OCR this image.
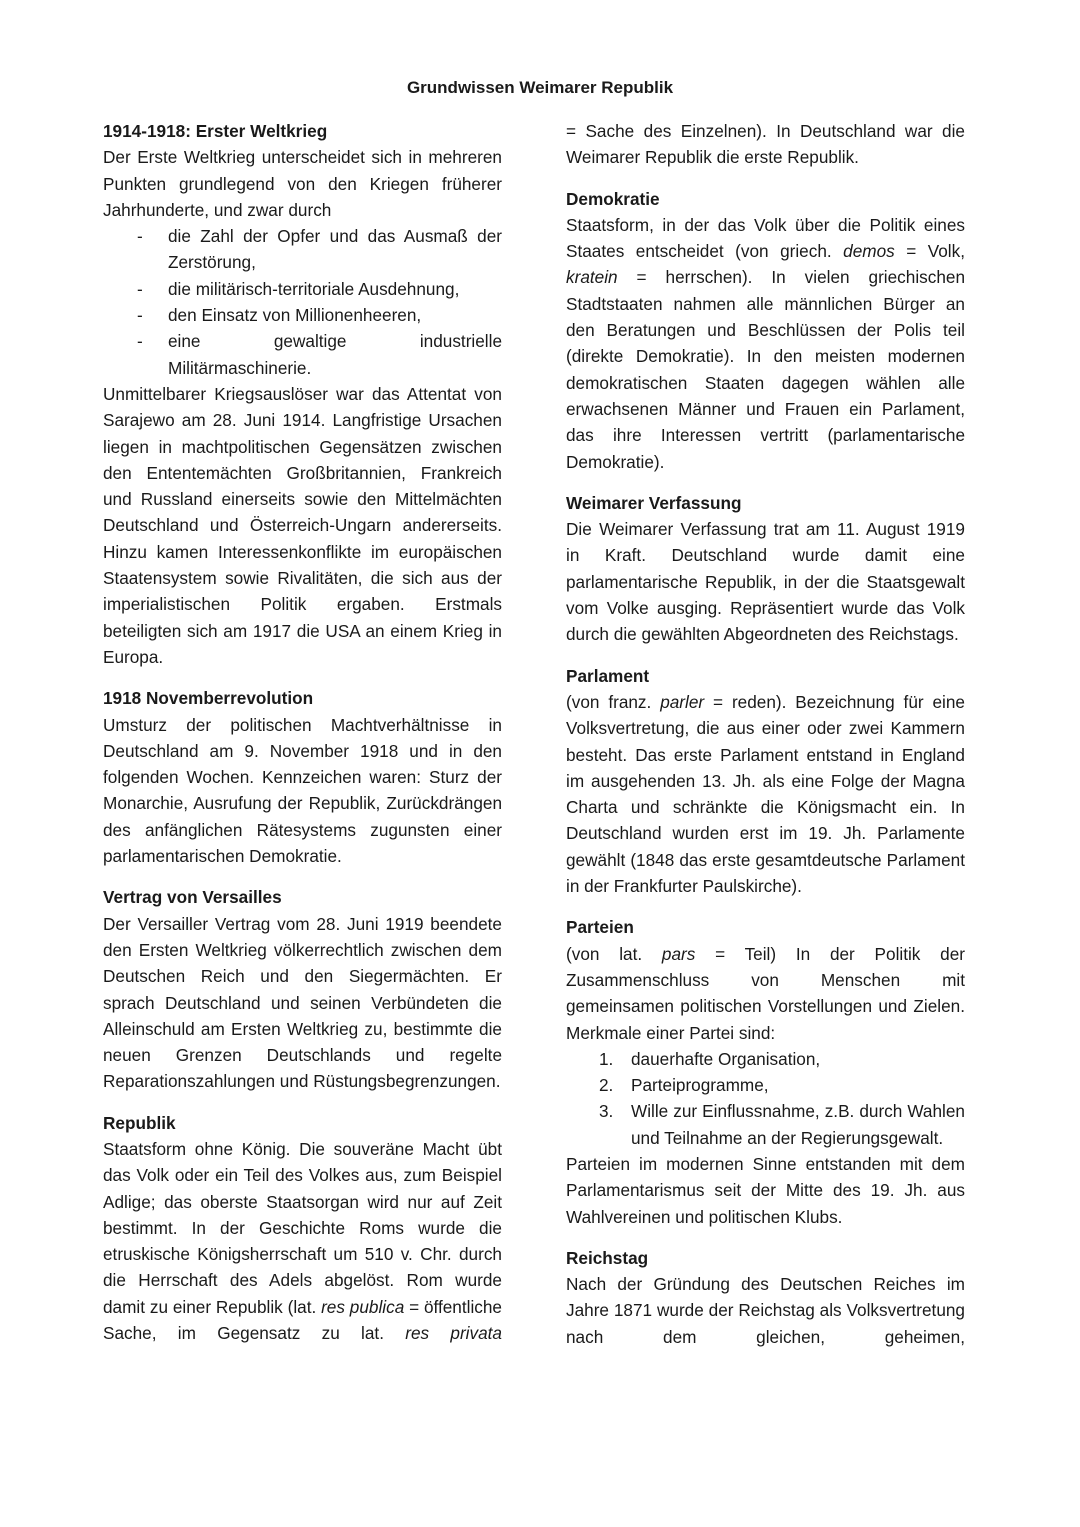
Grundwissen Weimarer Republik
1914-1918: Erster Weltkrieg

Der Erste Weltkrieg unterscheidet sich in mehreren Punkten grundlegend von den Kriegen früherer Jahrhunderte, und zwar durch

- die Zahl der Opfer und das Ausmaß der Zerstörung,
- die militärisch-territoriale Ausdehnung,
- den Einsatz von Millionenheeren,
- eine gewaltige industrielle Militärmaschinerie.

Unmittelbarer Kriegsauslöser war das Attentat von Sarajewo am 28. Juni 1914. Langfristige Ursachen liegen in machtpolitischen Gegensätzen zwischen den Ententemächten Großbritannien, Frankreich und Russland einerseits sowie den Mittelmächten Deutschland und Österreich-Ungarn andererseits. Hinzu kamen Interessenkonflikte im europäischen Staatensystem sowie Rivalitäten, die sich aus der imperialistischen Politik ergaben. Erstmals beteiligten sich am 1917 die USA an einem Krieg in Europa.

1918 Novemberrevolution

Umsturz der politischen Machtverhältnisse in Deutschland am 9. November 1918 und in den folgenden Wochen. Kennzeichen waren: Sturz der Monarchie, Ausrufung der Republik, Zurückdrängen des anfänglichen Rätesystems zugunsten einer parlamentarischen Demokratie.

Vertrag von Versailles

Der Versailler Vertrag vom 28. Juni 1919 beendete den Ersten Weltkrieg völkerrechtlich zwischen dem Deutschen Reich und den Siegermächten. Er sprach Deutschland und seinen Verbündeten die Alleinschuld am Ersten Weltkrieg zu, bestimmte die neuen Grenzen Deutschlands und regelte Reparationszahlungen und Rüstungsbegrenzungen.

Republik

Staatsform ohne König. Die souveräne Macht übt das Volk oder ein Teil des Volkes aus, zum Beispiel Adlige; das oberste Staatsorgan wird nur auf Zeit bestimmt. In der Geschichte Roms wurde die etruskische Königsherrschaft um 510 v. Chr. durch die Herrschaft des Adels abgelöst. Rom wurde damit zu einer Republik (lat. res publica = öffentliche Sache, im Gegensatz zu lat. res privata

= Sache des Einzelnen). In Deutschland war die Weimarer Republik die erste Republik.

Demokratie

Staatsform, in der das Volk über die Politik eines Staates entscheidet (von griech. demos = Volk, kratein = herrschen). In vielen griechischen Stadtstaaten nahmen alle männlichen Bürger an den Beratungen und Beschlüssen der Polis teil (direkte Demokratie). In den meisten modernen demokratischen Staaten dagegen wählen alle erwachsenen Männer und Frauen ein Parlament, das ihre Interessen vertritt (parlamentarische Demokratie).

Weimarer Verfassung

Die Weimarer Verfassung trat am 11. August 1919 in Kraft. Deutschland wurde damit eine parlamentarische Republik, in der die Staatsgewalt vom Volke ausging. Repräsentiert wurde das Volk durch die gewählten Abgeordneten des Reichstags.

Parlament

(von franz. parler = reden). Bezeichnung für eine Volksvertretung, die aus einer oder zwei Kammern besteht. Das erste Parlament entstand in England im ausgehenden 13. Jh. als eine Folge der Magna Charta und schränkte die Königsmacht ein. In Deutschland wurden erst im 19. Jh. Parlamente gewählt (1848 das erste gesamtdeutsche Parlament in der Frankfurter Paulskirche).

Parteien

(von lat. pars = Teil) In der Politik der Zusammenschluss von Menschen mit gemeinsamen politischen Vorstellungen und Zielen. Merkmale einer Partei sind:

1. dauerhafte Organisation,
2. Parteiprogramme,
3. Wille zur Einflussnahme, z.B. durch Wahlen und Teilnahme an der Regierungsgewalt.

Parteien im modernen Sinne entstanden mit dem Parlamentarismus seit der Mitte des 19. Jh. aus Wahlvereinen und politischen Klubs.

Reichstag

Nach der Gründung des Deutschen Reiches im Jahre 1871 wurde der Reichstag als Volksvertretung nach dem gleichen, geheimen,
